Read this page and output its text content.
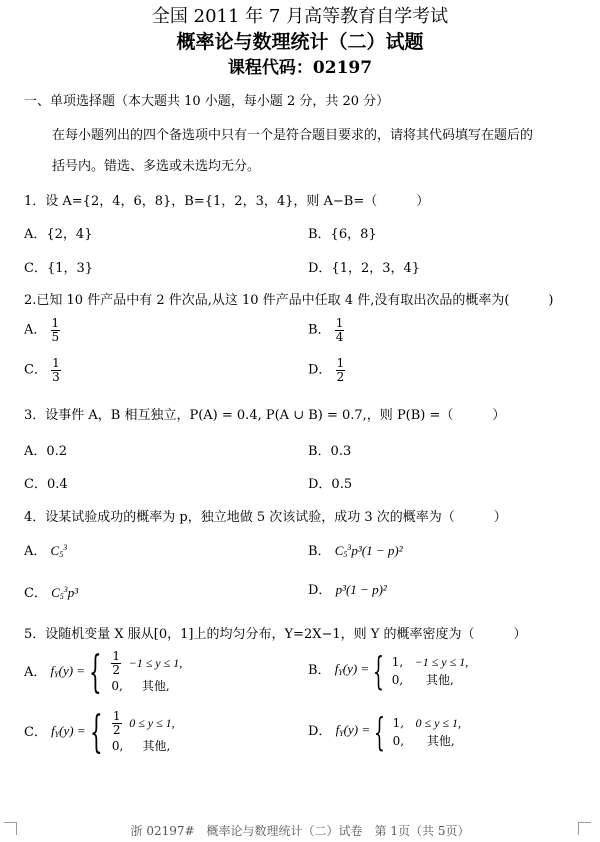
全国 2011 年 7 月高等教育自学考试
概率论与数理统计（二）试题
课程代码：02197
一、单项选择题（本大题共 10 小题，每小题 2 分，共 20 分）
在每小题列出的四个备选项中只有一个是符合题目要求的，请将其代码填写在题后的
括号内。错选、多选或未选均无分。
1．设 A={2，4，6，8}，B={1，2，3，4}，则 A−B=（　　　）
A．{2，4}	B．{6，8}
C．{1，3}	D．{1，2，3，4}
2.已知 10 件产品中有 2 件次品,从这 10 件产品中任取 4 件,没有取出次品的概率为(　　　)
A． $\frac{1}{5}$	B． $\frac{1}{4}$
C． $\frac{1}{3}$	D． $\frac{1}{2}$
3．设事件 A，B 相互独立，P(A) = 0.4, P(A ∪ B) = 0.7,，则 P(B) =（　　　）
A．0.2	B．0.3
C．0.4	D．0.5
4．设某试验成功的概率为 p，独立地做 5 次该试验，成功 3 次的概率为（　　　）
A． $C_5^3$	B． $C_5^3p^3(1 - p)^2$
C． $C_5^3p^3$	D． p³(1 − p)²
5．设随机变量 X 服从[0，1]上的均匀分布，Y=2X−1，则 Y 的概率密度为（　　　）
A． $f_Y(y)$ = { $\frac{1}{2} -1 \le y \le 1$,
0, 其他,
B． $f_Y(y)$ = { 1, −1 ≤ y ≤ 1,
0, 其他,
C． $f_Y(y)$ = { $\frac{1}{2} 0 \le y \le 1$,
0, 其他,
D． $f_Y(y)$ = { 1, 0 ≤ y ≤ 1,
0, 其他,
浙 02197#　概率论与数理统计（二）试卷　第 1页（共 5页）
